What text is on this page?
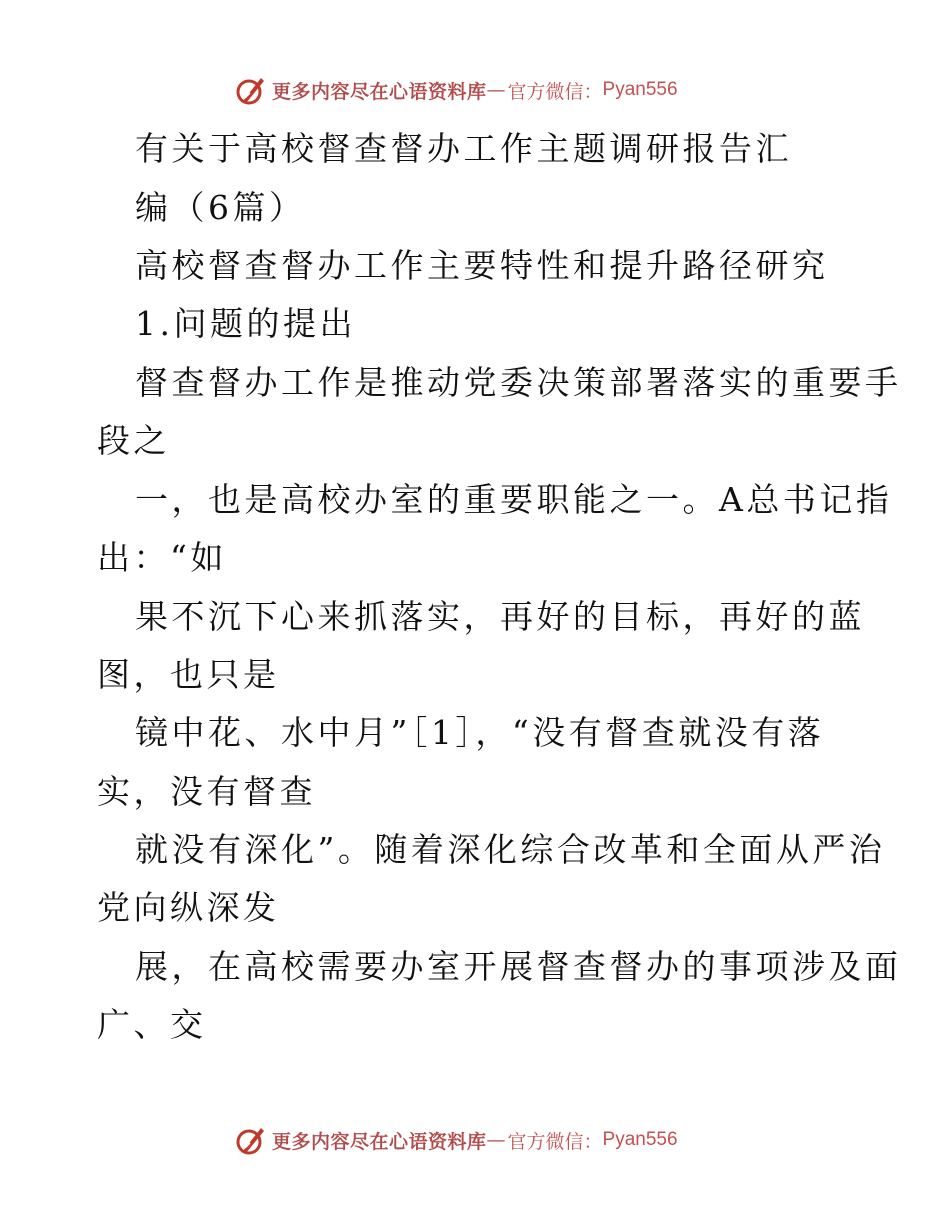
更多内容尽在心语资料库 — 官方微信： Pyan556
有关于高校督查督办工作主题调研报告汇
编（6篇）
高校督查督办工作主要特性和提升路径研究
1.问题的提出
督查督办工作是推动党委决策部署落实的重要手
段之
一，也是高校办室的重要职能之一。A总书记指
出：“如
果不沉下心来抓落实，再好的目标，再好的蓝
图，也只是
镜中花、水中月”［1］，“没有督查就没有落
实，没有督查
就没有深化”。随着深化综合改革和全面从严治
党向纵深发
展，在高校需要办室开展督查督办的事项涉及面
广、交
更多内容尽在心语资料库 — 官方微信： Pyan556
